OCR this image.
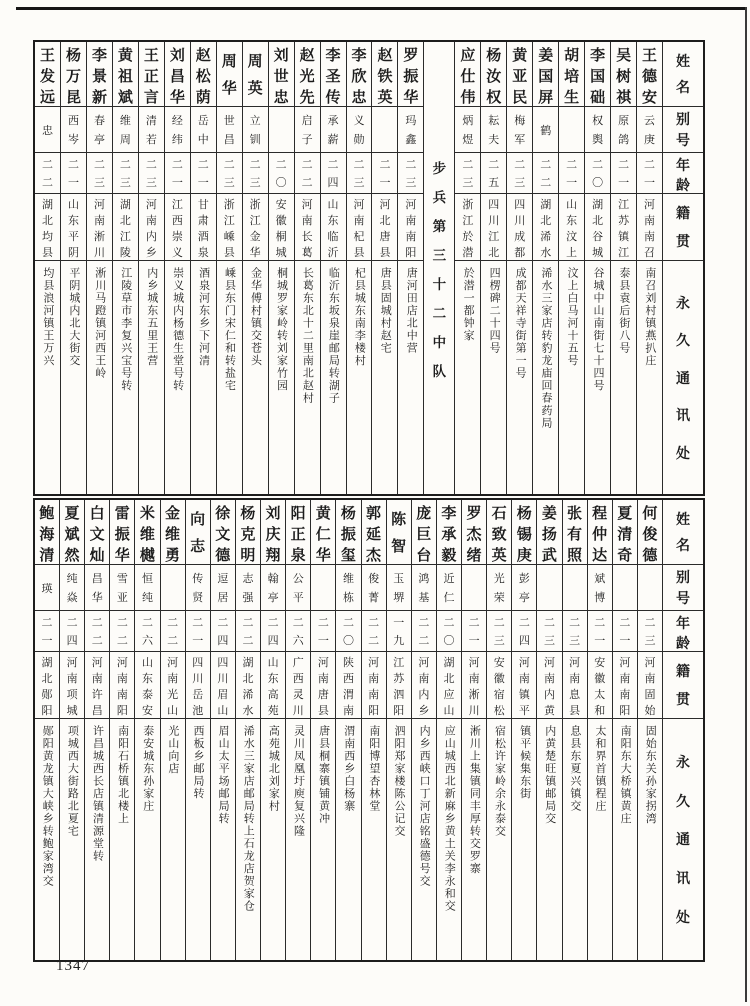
姓
名
别
号
年
龄
籍
贯
永
久
通
讯
处
王
德
安
云
庚
二
一
河
南
南
召
南召刘村镇燕扒庄
吴
树
祺
原
鸽
二
一
江
苏
镇
江
泰县袁后街八号
李
国
础
权
舆
二
〇
湖
北
谷
城
谷城中山南街七十四号
胡
培
生
二
一
山
东
汶
上
汶上白马河十五号
姜
国
屏
鹤
二
二
湖
北
浠
水
浠水三家店转豹龙庙回春药局
黄
亚
民
梅
军
二
三
四
川
成
都
成都天祥寺街第一号
杨
汝
权
耘
夫
二
五
四
川
江
北
四楞碑二十四号
应
仕
伟
炳
煜
二
三
浙
江
於
潜
於潜一都钟家
步
兵
第
三
十
二
中
队
罗
振
华
玛
鑫
二
三
河
南
南
阳
唐河田店北中营
赵
铁
英
二
一
河
北
唐
县
唐县固城村赵宅
李
欣
忠
义
勋
二
三
河
南
杞
县
杞县城东南李楼村
李
圣
传
承
薪
二
四
山
东
临
沂
临沂东坂泉崖邮局转湖子
赵
光
先
启
子
二
二
河
南
长
葛
长葛东北十二里南北赵村
刘
世
忠
二
〇
安
徽
桐
城
桐城罗家岭转刘家竹园
周
英
立
钏
二
三
浙
江
金
华
金华傅村镇交苍头
周
华
世
昌
二
三
浙
江
嵊
县
嵊县东门宋仁和转盐宅
赵
松
荫
岳
中
二
一
甘
肃
酒
泉
酒泉河东乡下河清
刘
昌
华
经
纬
二
一
江
西
崇
义
崇义城内杨德生堂号转
王
正
言
清
若
二
三
河
南
内
乡
内乡城东五里王营
黄
祖
斌
维
周
二
三
湖
北
江
陵
江陵草市李复兴宝号转
李
景
新
春
亭
二
三
河
南
淅
川
淅川马蹬镇河西王岭
杨
万
昆
西
岑
二
一
山
东
平
阴
平阴城内北大街交
王
发
远
忠
二
二
湖
北
均
县
均县浪河镇王万兴
姓
名
别
号
年
龄
籍
贯
永
久
通
讯
处
何
俊
德
二
三
河
南
固
始
固始东关孙家拐湾
夏
清
奇
二
一
河
南
南
阳
南阳东大桥镇黄庄
程
仲
达
斌
博
二
一
安
徽
太
和
太和界首镇程庄
张
有
照
二
三
河
南
息
县
息县东夏兴镇交
姜
扬
武
二
三
河
南
内
黄
内黄楚旺镇邮局交
杨
锡
庚
彭
亭
二
四
河
南
镇
平
镇平候集东街
石
致
英
光
荣
二
三
安
徽
宿
松
宿松许家岭余永泰交
罗
杰
绪
二
一
河
南
淅
川
淅川上集镇同丰厚转交罗寨
李
承
毅
近
仁
二
〇
湖
北
应
山
应山城西北新麻乡黄土关李永和交
庞
巨
台
鸿
基
二
二
河
南
内
乡
内乡西峡口丁河店铭盛德号交
陈
智
玉
堺
一
九
江
苏
泗
阳
泗阳郑家楼陈公记交
郭
延
杰
俊
菁
二
二
河
南
南
阳
南阳博望杏林堂
杨
振
玺
维
栋
二
〇
陕
西
渭
南
渭南西乡白杨寨
黄
仁
华
二
一
河
南
唐
县
唐县桐寨镇铺黄冲
阳
正
泉
公
平
二
六
广
西
灵
川
灵川凤凰圩庾复兴隆
刘
庆
翔
翰
亭
二
四
山
东
高
苑
高苑城北刘家村
杨
克
明
志
强
二
二
湖
北
浠
水
浠水三家店邮局转上石龙店贺家仓
徐
文
德
逗
居
二
四
四
川
眉
山
眉山太平场邮局转
向
志
传
贤
二
一
四
川
岳
池
西板乡邮局转
金
维
勇
二
二
河
南
光
山
光山向店
米
维
樾
恒
纯
二
六
山
东
泰
安
泰安城东孙家庄
雷
振
华
雪
亚
二
二
河
南
南
阳
南阳石桥镇北楼上
白
文
灿
昌
华
二
二
河
南
许
昌
许昌城西长店镇清源堂转
夏
斌
然
纯
焱
二
四
河
南
项
城
项城西大街路北夏宅
鲍
海
清
瑛
二
一
湖
北
郧
阳
郧阳黄龙镇大峡乡转鲍家湾交
1347
